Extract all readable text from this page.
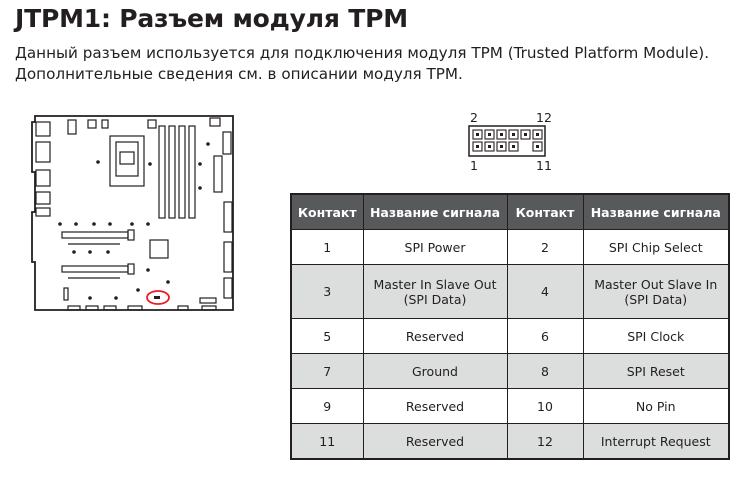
JTPM1: Разъем модуля TPM

Данный разъем используется для подключения модуля TPM (Trusted Platform Module). Дополнительные сведения см. в описании модуля TPM.

2	12
1	11
Контакт	Название сигнала	Контакт	Название сигнала
1	SPI Power	2	SPI Chip Select
3	Master In Slave Out (SPI Data)	4	Master Out Slave In (SPI Data)
5	Reserved	6	SPI Clock
7	Ground	8	SPI Reset
9	Reserved	10	No Pin
11	Reserved	12	Interrupt Request
